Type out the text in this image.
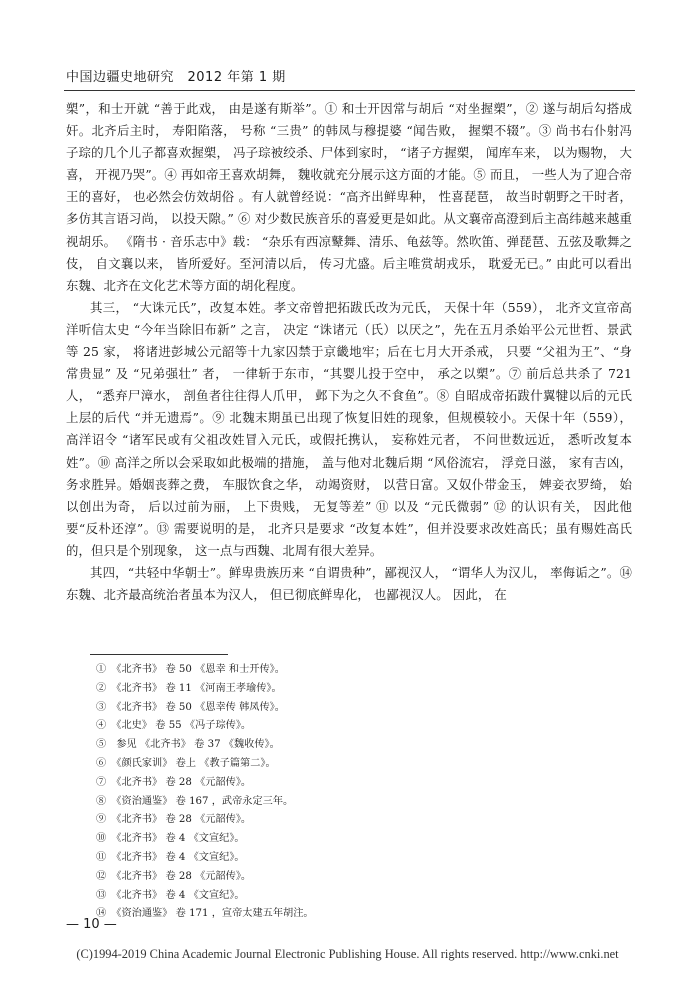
中国边疆史地研究　2012 年第 1 期

槊”，和士开就 “善于此戏， 由是遂有斯举”。① 和士开因常与胡后 “对坐握槊”，② 遂与胡后勾搭成奸。北齐后主时， 寿阳陷落， 号称 “三贵” 的韩凤与穆提婆 “闻告败， 握槊不辍”。③ 尚书右仆射冯子琮的几个儿子都喜欢握槊， 冯子琮被绞杀、尸体到家时， “诸子方握槊， 闻库车来， 以为赐物， 大喜， 开视乃哭”。④ 再如帝王喜欢胡舞， 魏收就充分展示这方面的才能。⑤ 而且， 一些人为了迎合帝王的喜好， 也必然会仿效胡俗 。有人就曾经说：“高齐出鲜卑种， 性喜琵琶， 故当时朝野之干时者， 多仿其言语习尚， 以投天隙。” ⑥ 对少数民族音乐的喜爱更是如此。从文襄帝高澄到后主高纬越来越重视胡乐。 《隋书 · 音乐志中》载： “杂乐有西凉鼙舞、清乐、龟兹等。然吹笛、弹琵琶、五弦及歌舞之伎， 自文襄以来， 皆所爱好。至河清以后， 传习尤盛。后主唯赏胡戎乐， 耽爱无已。” 由此可以看出东魏、北齐在文化艺术等方面的胡化程度。

其三， “大诛元氏”，改复本姓。孝文帝曾把拓跋氏改为元氏， 天保十年（559）， 北齐文宣帝高洋听信太史 “今年当除旧布新” 之言， 决定 “诛诸元（氏）以厌之”，先在五月杀始平公元世哲、景武等 25 家， 将诸进彭城公元韶等十九家囚禁于京畿地牢；后在七月大开杀戒， 只要 “父祖为王”、“身常贵显” 及 “兄弟强壮” 者， 一律斩于东市，“其婴儿投于空中， 承之以槊”。⑦ 前后总共杀了 721 人， “悉弃尸漳水， 剖鱼者往往得人爪甲， 邺下为之久不食鱼”。⑧ 自昭成帝拓跋什翼犍以后的元氏上层的后代 “并无遗焉”。⑨ 北魏末期虽已出现了恢复旧姓的现象，但规模较小。天保十年（559）， 高洋诏令 “诸军民或有父祖改姓冒入元氏，或假托携认， 妄称姓元者， 不问世数远近， 悉听改复本姓”。⑩ 高洋之所以会采取如此极端的措施， 盖与他对北魏后期 “风俗流宕， 浮竞日滋， 家有吉凶， 务求胜异。婚姻丧葬之费， 车服饮食之华， 动竭资财， 以营日富。又奴仆带金玉， 婢妾衣罗绮， 始以创出为奇， 后以过前为丽， 上下贵贱， 无复等差” ⑪ 以及 “元氏微弱” ⑫ 的认识有关， 因此他要“反朴还淳”。⑬ 需要说明的是， 北齐只是要求 “改复本姓”，但并没要求改姓高氏；虽有赐姓高氏的，但只是个别现象， 这一点与西魏、北周有很大差异。

其四，“共轻中华朝士”。鲜卑贵族历来 “自谓贵种”，鄙视汉人， “谓华人为汉儿， 率侮诟之”。⑭ 东魏、北齐最高统治者虽本为汉人， 但已彻底鲜卑化， 也鄙视汉人。 因此， 在

①　《北齐书》 卷 50 《恩幸 和士开传》。
②　《北齐书》 卷 11 《河南王孝瑜传》。
③　《北齐书》 卷 50 《恩幸传 韩凤传》。
④　《北史》 卷 55 《冯子琮传》。
⑤　参见 《北齐书》 卷 37 《魏收传》。
⑥　《颜氏家训》 卷上 《教子篇第二》。
⑦　《北齐书》 卷 28 《元韶传》。
⑧　《资治通鉴》 卷 167 ，武帝永定三年。
⑨　《北齐书》 卷 28 《元韶传》。
⑩　《北齐书》 卷 4 《文宣纪》。
⑪　《北齐书》 卷 4 《文宣纪》。
⑫　《北齐书》 卷 28 《元韶传》。
⑬　《北齐书》 卷 4 《文宣纪》。
⑭　《资治通鉴》 卷 171 ，宣帝太建五年胡注。
— 10 —
(C)1994-2019 China Academic Journal Electronic Publishing House. All rights reserved. http://www.cnki.net
